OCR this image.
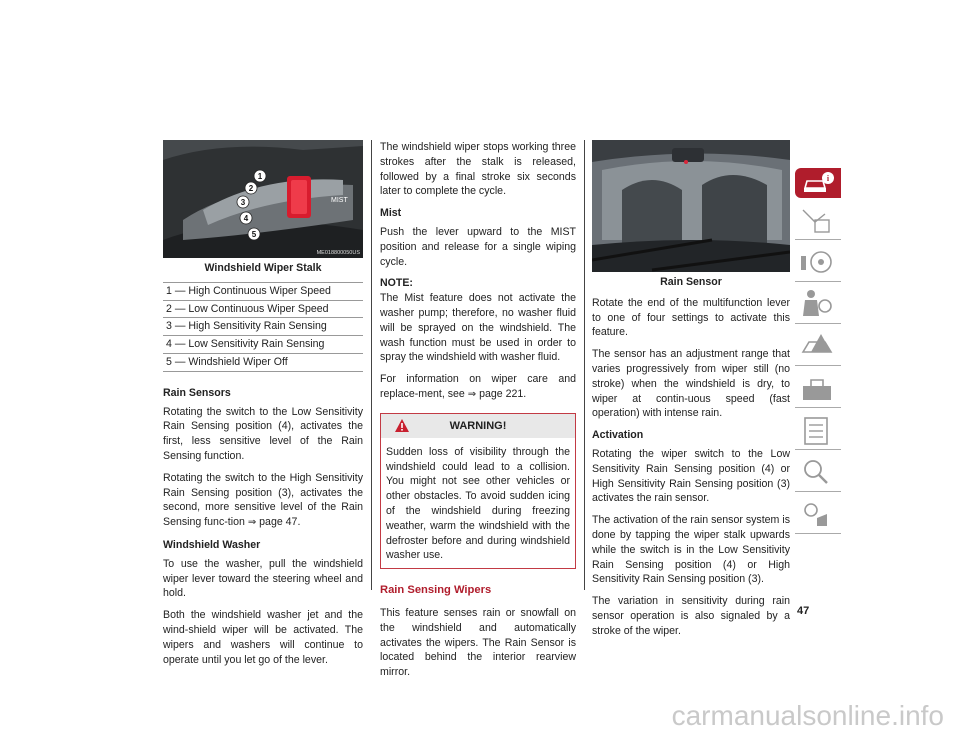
MIST
1
2
3
4
5
ME018800050US
Windshield Wiper Stalk
1 — High Continuous Wiper Speed
2 — Low Continuous Wiper Speed
3 — High Sensitivity Rain Sensing
4 — Low Sensitivity Rain Sensing
5 — Windshield Wiper Off

Rain Sensors

Rotating the switch to the Low Sensitivity Rain Sensing position (4), activates the first, less sensitive level of the Rain Sensing function.

Rotating the switch to the High Sensitivity Rain Sensing position (3), activates the second, more sensitive level of the Rain Sensing func-tion ⇒ page 47.

Windshield Washer

To use the washer, pull the windshield wiper lever toward the steering wheel and hold.

Both the windshield washer jet and the wind-shield wiper will be activated. The wipers and washers will continue to operate until you let go of the lever.

The windshield wiper stops working three strokes after the stalk is released, followed by a final stroke six seconds later to complete the cycle.

Mist

Push the lever upward to the MIST position and release for a single wiping cycle.

NOTE:

The Mist feature does not activate the washer pump; therefore, no washer fluid will be sprayed on the windshield. The wash function must be used in order to spray the windshield with washer fluid.

For information on wiper care and replace-ment, see ⇒ page 221.

WARNING!

Sudden loss of visibility through the windshield could lead to a collision. You might not see other vehicles or other obstacles. To avoid sudden icing of the windshield during freezing weather, warm the windshield with the defroster before and during windshield washer use.

Rain Sensing Wipers

This feature senses rain or snowfall on the windshield and automatically activates the wipers. The Rain Sensor is located behind the interior rearview mirror.

Rain Sensor

Rotate the end of the multifunction lever to one of four settings to activate this feature.

The sensor has an adjustment range that varies progressively from wiper still (no stroke) when the windshield is dry, to wiper at contin-uous speed (fast operation) with intense rain.

Activation

Rotating the wiper switch to the Low Sensitivity Rain Sensing position (4) or High Sensitivity Rain Sensing position (3) activates the rain sensor.

The activation of the rain sensor system is done by tapping the wiper stalk upwards while the switch is in the Low Sensitivity Rain Sensing position (4) or High Sensitivity Rain Sensing position (3).

The variation in sensitivity during rain sensor operation is also signaled by a stroke of the wiper.

i
47
carmanualsonline.info
